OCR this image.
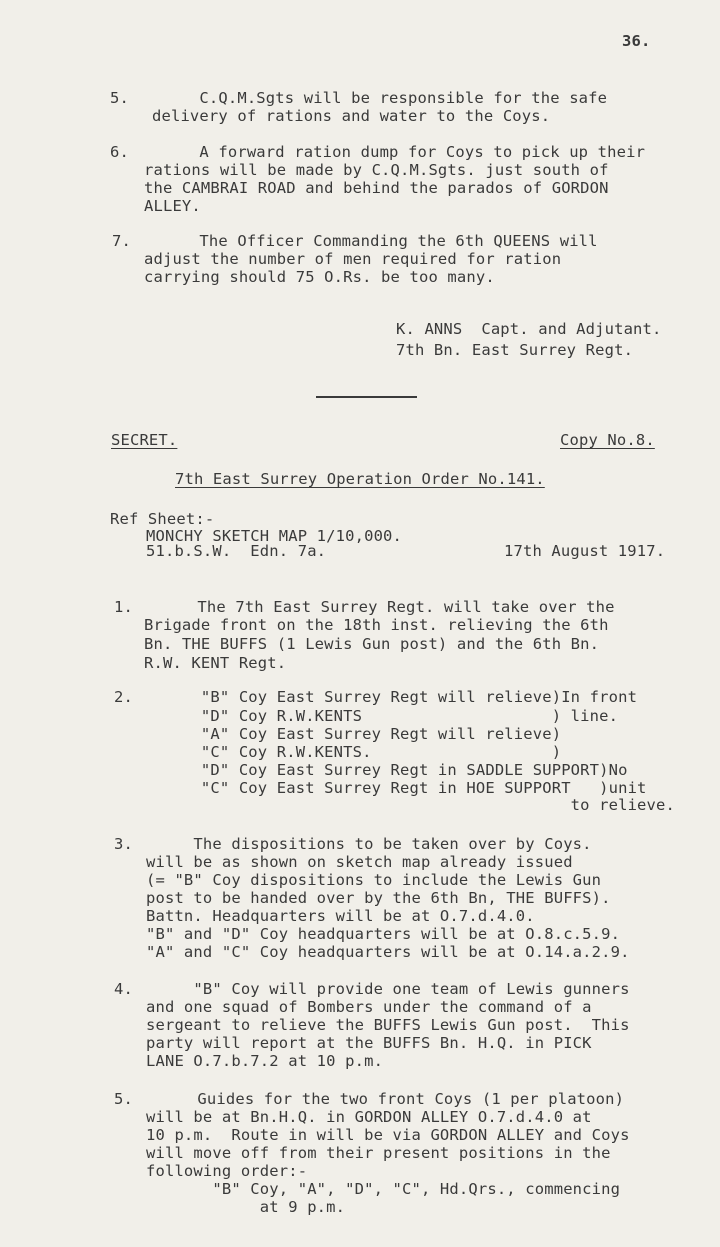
36.
5. C.Q.M.Sgts will be responsible for the safe
delivery of rations and water to the Coys.
6. A forward ration dump for Coys to pick up their
rations will be made by C.Q.M.Sgts. just south of
the CAMBRAI ROAD and behind the parados of GORDON
ALLEY.
7. The Officer Commanding the 6th QUEENS will
adjust the number of men required for ration
carrying should 75 O.Rs. be too many.
K. ANNS  Capt. and Adjutant.
7th Bn. East Surrey Regt.
SECRET.	Copy No.8.
7th East Surrey Operation Order No.141.
Ref Sheet:-
MONCHY SKETCH MAP 1/10,000.
51.b.S.W.  Edn. 7a.	17th August 1917.
1. The 7th East Surrey Regt. will take over the
Brigade front on the 18th inst. relieving the 6th
Bn. THE BUFFS (1 Lewis Gun post) and the 6th Bn.
R.W. KENT Regt.
2. "B" Coy East Surrey Regt will relieve)In front
"D" Coy R.W.KENTS                    ) line.
"A" Coy East Surrey Regt will relieve)
"C" Coy R.W.KENTS.                   )
"D" Coy East Surrey Regt in SADDLE SUPPORT)No
"C" Coy East Surrey Regt in HOE SUPPORT   )unit
to relieve.
3. The dispositions to be taken over by Coys.
will be as shown on sketch map already issued
(= "B" Coy dispositions to include the Lewis Gun
post to be handed over by the 6th Bn, THE BUFFS).
Battn. Headquarters will be at O.7.d.4.0.
"B" and "D" Coy headquarters will be at O.8.c.5.9.
"A" and "C" Coy headquarters will be at O.14.a.2.9.
4. "B" Coy will provide one team of Lewis gunners
and one squad of Bombers under the command of a
sergeant to relieve the BUFFS Lewis Gun post.  This
party will report at the BUFFS Bn. H.Q. in PICK
LANE O.7.b.7.2 at 10 p.m.
5. Guides for the two front Coys (1 per platoon)
will be at Bn.H.Q. in GORDON ALLEY O.7.d.4.0 at
10 p.m.  Route in will be via GORDON ALLEY and Coys
will move off from their present positions in the
following order:-
"B" Coy, "A", "D", "C", Hd.Qrs., commencing
at 9 p.m.
